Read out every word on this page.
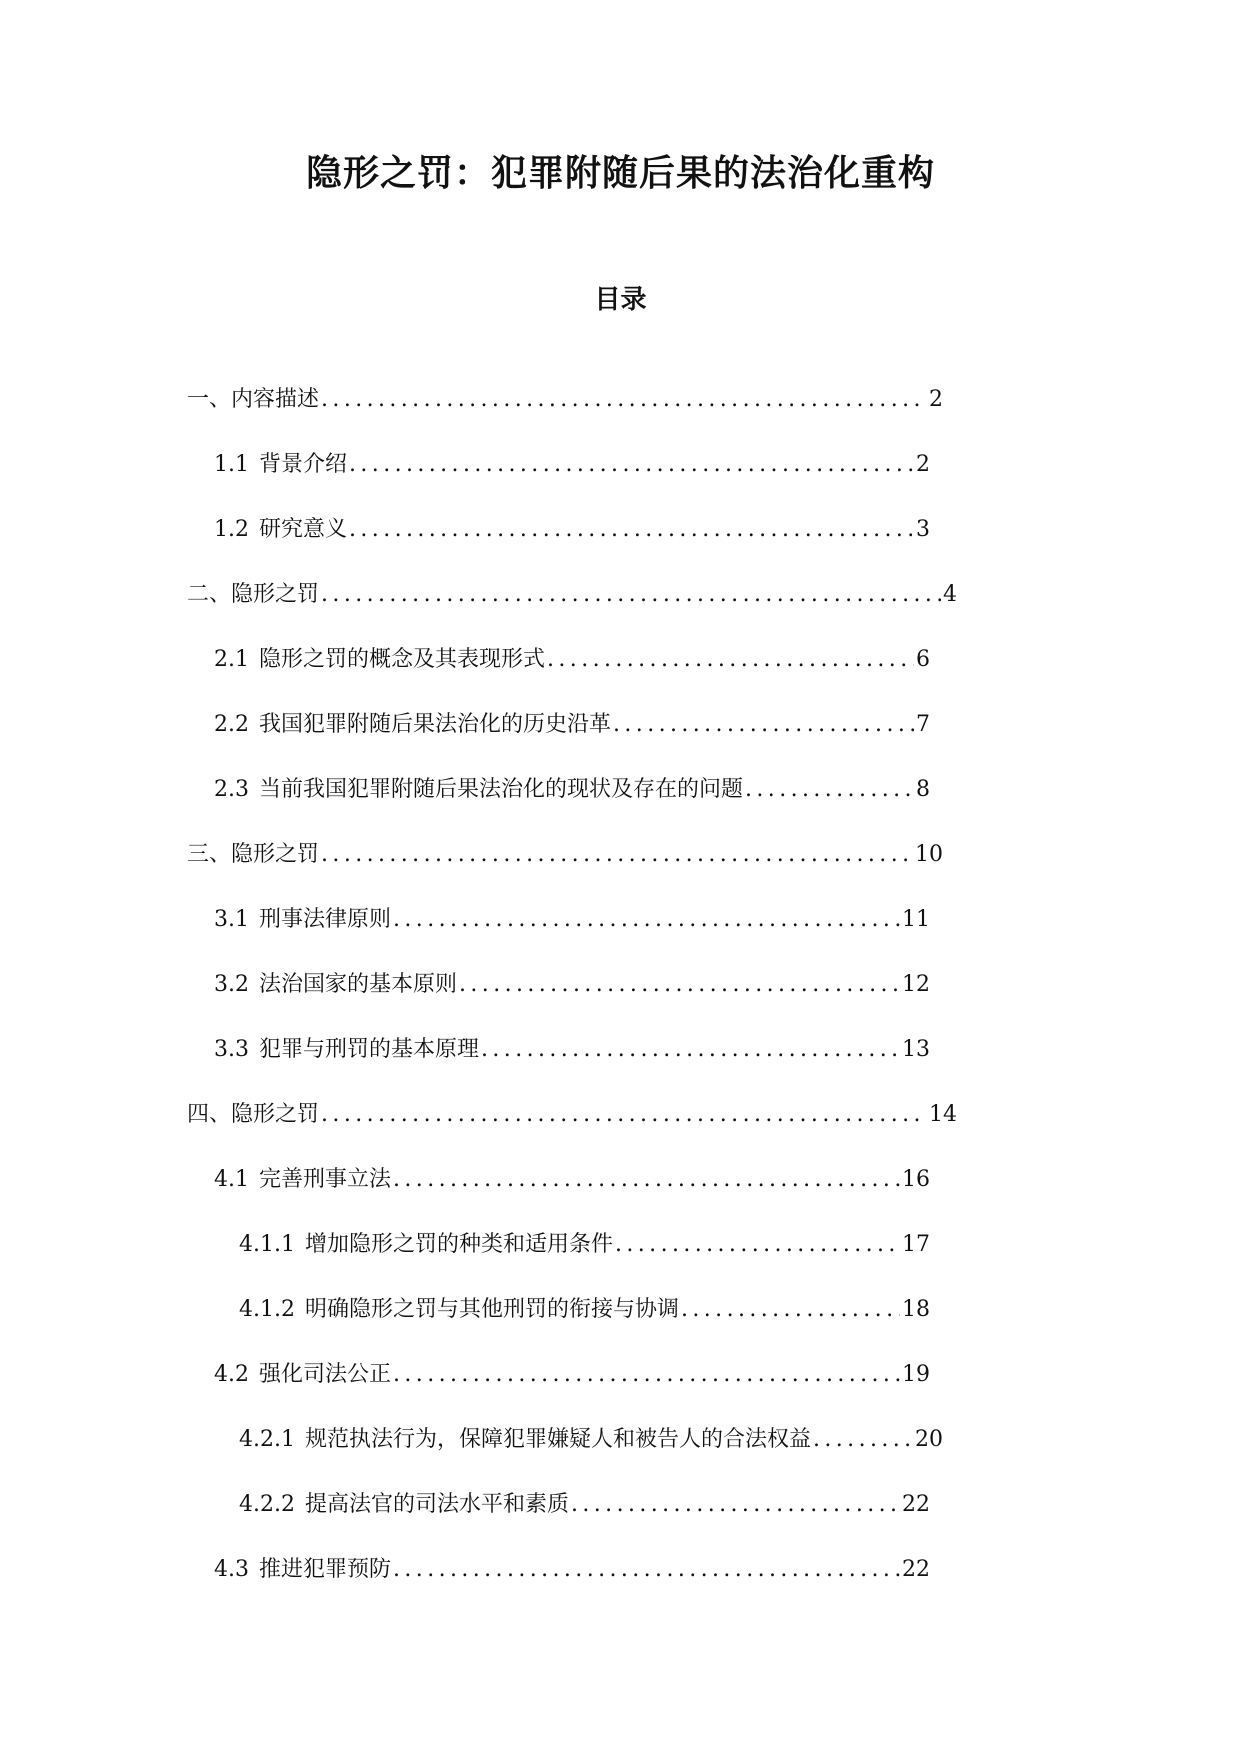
隐形之罚：犯罪附随后果的法治化重构
目录
一、 内容描述 .....	2
1.1 背景介绍 .....	2
1.2 研究意义 .....	3
二、 隐形之罚 .....	4
2.1 隐形之罚的概念及其表现形式 .....	6
2.2 我国犯罪附随后果法治化的历史沿革 .....	7
2.3 当前我国犯罪附随后果法治化的现状及存在的问题 .....	8
三、 隐形之罚 .....	10
3.1 刑事法律原则 .....	11
3.2 法治国家的基本原则 .....	12
3.3 犯罪与刑罚的基本原理 .....	13
四、 隐形之罚 .....	14
4.1 完善刑事立法 .....	16
4.1.1 增加隐形之罚的种类和适用条件 .....	17
4.1.2 明确隐形之罚与其他刑罚的衔接与协调 .....	18
4.2 强化司法公正 .....	19
4.2.1 规范执法行为，保障犯罪嫌疑人和被告人的合法权益 .....	20
4.2.2 提高法官的司法水平和素质 .....	22
4.3 推进犯罪预防 .....	22
